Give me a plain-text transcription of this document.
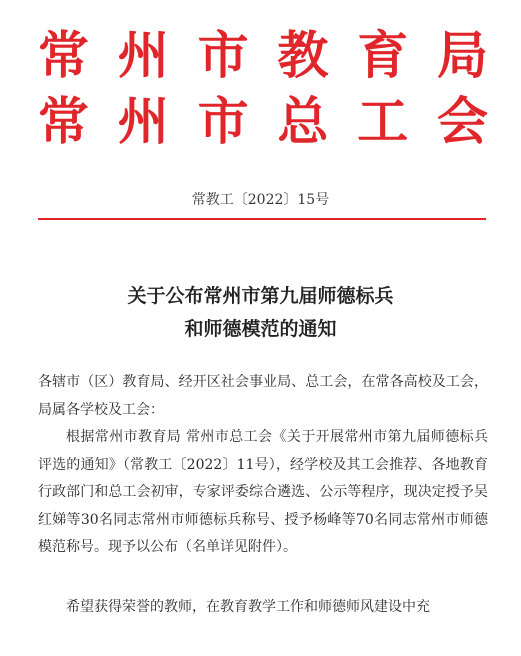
常 州 市 教 育 局
常 州 市 总 工 会
常教工〔2022〕15号
关于公布常州市第九届师德标兵
和师德模范的通知

各辖市（区）教育局、经开区社会事业局、总工会，在常各高校及工会，局属各学校及工会：

根据常州市教育局 常州市总工会《关于开展常州市第九届师德标兵评选的通知》（常教工〔2022〕11号），经学校及其工会推荐、各地教育行政部门和总工会初审，专家评委综合遴选、公示等程序，现决定授予吴红娣等30名同志常州市师德标兵称号、授予杨峰等70名同志常州市师德模范称号。现予以公布（名单详见附件）。

希望获得荣誉的教师，在教育教学工作和师德师风建设中充
